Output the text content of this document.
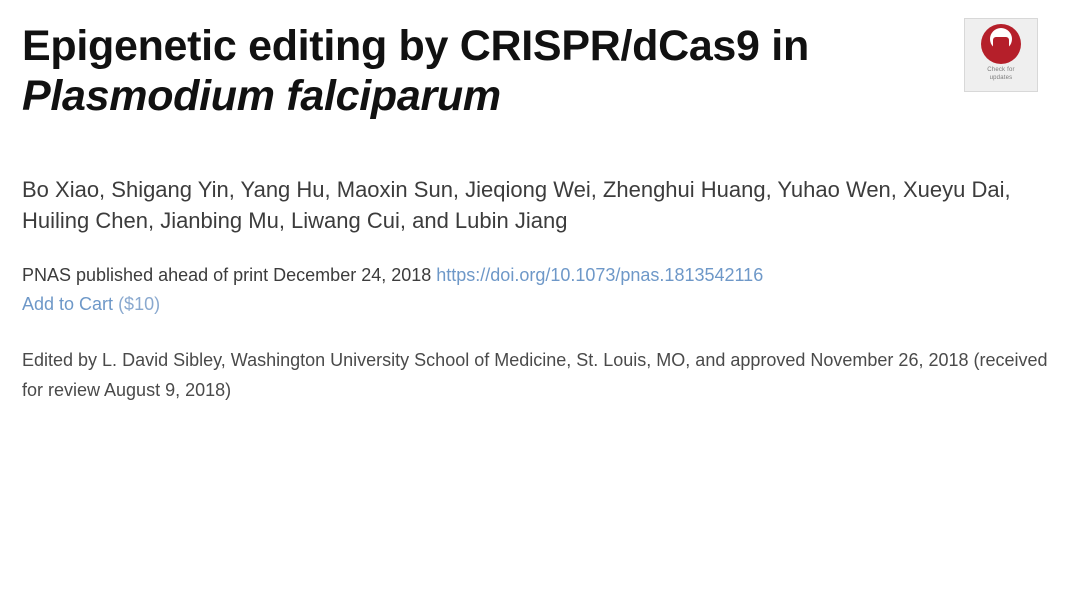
Check for
updates
Epigenetic editing by CRISPR/dCas9 in Plasmodium falciparum
Bo Xiao, Shigang Yin, Yang Hu, Maoxin Sun, Jieqiong Wei, Zhenghui Huang, Yuhao Wen, Xueyu Dai, Huiling Chen, Jianbing Mu, Liwang Cui, and Lubin Jiang
PNAS published ahead of print December 24, 2018 https://doi.org/10.1073/pnas.1813542116
Add to Cart ($10)
Edited by L. David Sibley, Washington University School of Medicine, St. Louis, MO, and approved November 26, 2018 (received for review August 9, 2018)
